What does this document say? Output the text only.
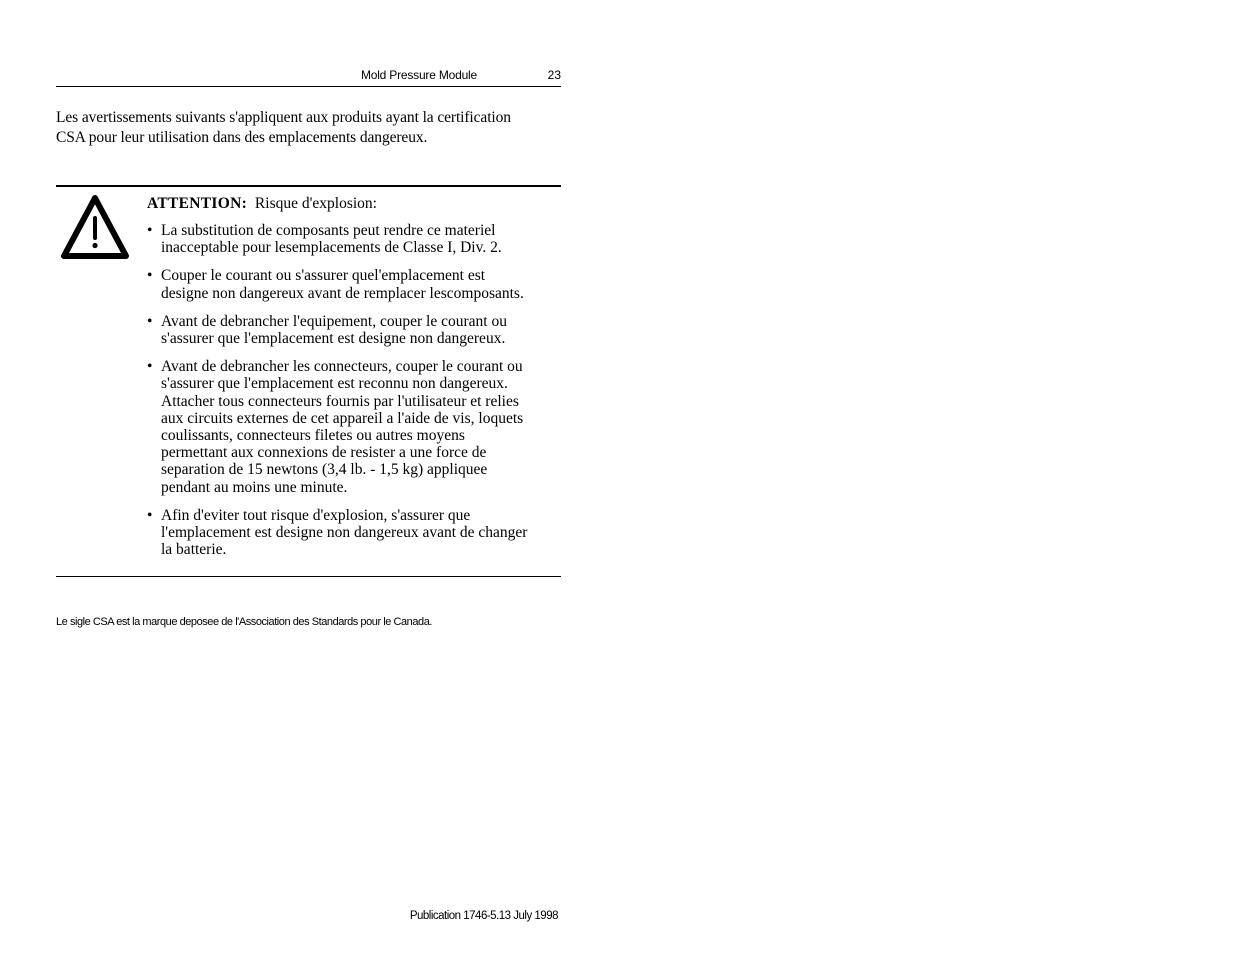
Mold Pressure Module	23
Les avertissements suivants s'appliquent aux produits ayant la certification
CSA pour leur utilisation dans des emplacements dangereux.
ATTENTION: Risque d'explosion:
• La substitution de composants peut rendre ce materiel
inacceptable pour lesemplacements de Classe I, Div. 2.
• Couper le courant ou s'assurer quel'emplacement est
designe non dangereux avant de remplacer lescomposants.
• Avant de debrancher l'equipement, couper le courant ou
s'assurer que l'emplacement est designe non dangereux.
• Avant de debrancher les connecteurs, couper le courant ou
s'assurer que l'emplacement est reconnu non dangereux.
Attacher tous connecteurs fournis par l'utilisateur et relies
aux circuits externes de cet appareil a l'aide de vis, loquets
coulissants, connecteurs filetes ou autres moyens
permettant aux connexions de resister a une force de
separation de 15 newtons (3,4 lb. - 1,5 kg) appliquee
pendant au moins une minute.
• Afin d'eviter tout risque d'explosion, s'assurer que
l'emplacement est designe non dangereux avant de changer
la batterie.
Le sigle CSA est la marque deposee de l'Association des Standards pour le Canada.
Publication 1746-5.13 July 1998
